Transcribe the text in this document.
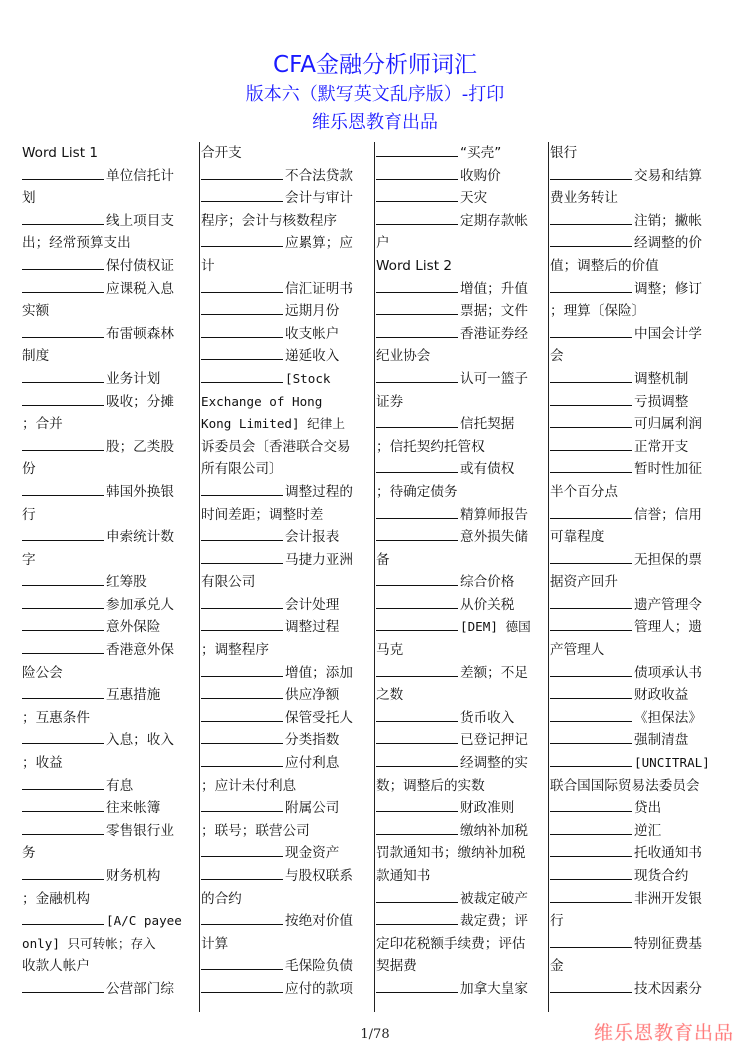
CFA金融分析师词汇
版本六（默写英文乱序版）-打印
维乐恩教育出品
Word List 1
单位信托计
划
线上项目支
出；经常预算支出
保付债权证
应课税入息
实额
布雷顿森林
制度
业务计划
吸收；分摊
；合并
股；乙类股
份
韩国外换银
行
申索统计数
字
红筹股
参加承兑人
意外保险
香港意外保
险公会
互惠措施
；互惠条件
入息；收入
；收益
有息
往来帐簿
零售银行业
务
财务机构
；金融机构
[A/C payee
only] 只可转帐；存入
收款人帐户
公营部门综
合开支
不合法贷款
会计与审计
程序；会计与核数程序
应累算；应
计
信汇证明书
远期月份
收支帐户
递延收入
[Stock
Exchange of Hong
Kong Limited] 纪律上
诉委员会〔香港联合交易
所有限公司〕
调整过程的
时间差距；调整时差
会计报表
马捷力亚洲
有限公司
会计处理
调整过程
；调整程序
增值；添加
供应净额
保管受托人
分类指数
应付利息
；应计未付利息
附属公司
；联号；联营公司
现金资产
与股权联系
的合约
按绝对价值
计算
毛保险负债
应付的款项
“买壳”
收购价
天灾
定期存款帐
户
Word List 2
增值；升值
票据；文件
香港证券经
纪业协会
认可一篮子
证券
信托契据
；信托契约托管权
或有债权
；待确定债务
精算师报告
意外损失储
备
综合价格
从价关税
[DEM] 德国
马克
差额；不足
之数
货币收入
已登记押记
经调整的实
数；调整后的实数
财政准则
缴纳补加税
罚款通知书；缴纳补加税
款通知书
被裁定破产
裁定费；评
定印花税额手续费；评估
契据费
加拿大皇家
银行
交易和结算
费业务转让
注销；撇帐
经调整的价
值；调整后的价值
调整；修订
；理算〔保险〕
中国会计学
会
调整机制
亏损调整
可归属利润
正常开支
暂时性加征
半个百分点
信誉；信用
可靠程度
无担保的票
据资产回升
遗产管理令
管理人；遗
产管理人
债项承认书
财政收益
《担保法》
强制清盘
[UNCITRAL]
联合国国际贸易法委员会
贷出
逆汇
托收通知书
现货合约
非洲开发银
行
特别征费基
金
技术因素分
1/78	维乐恩教育出品
